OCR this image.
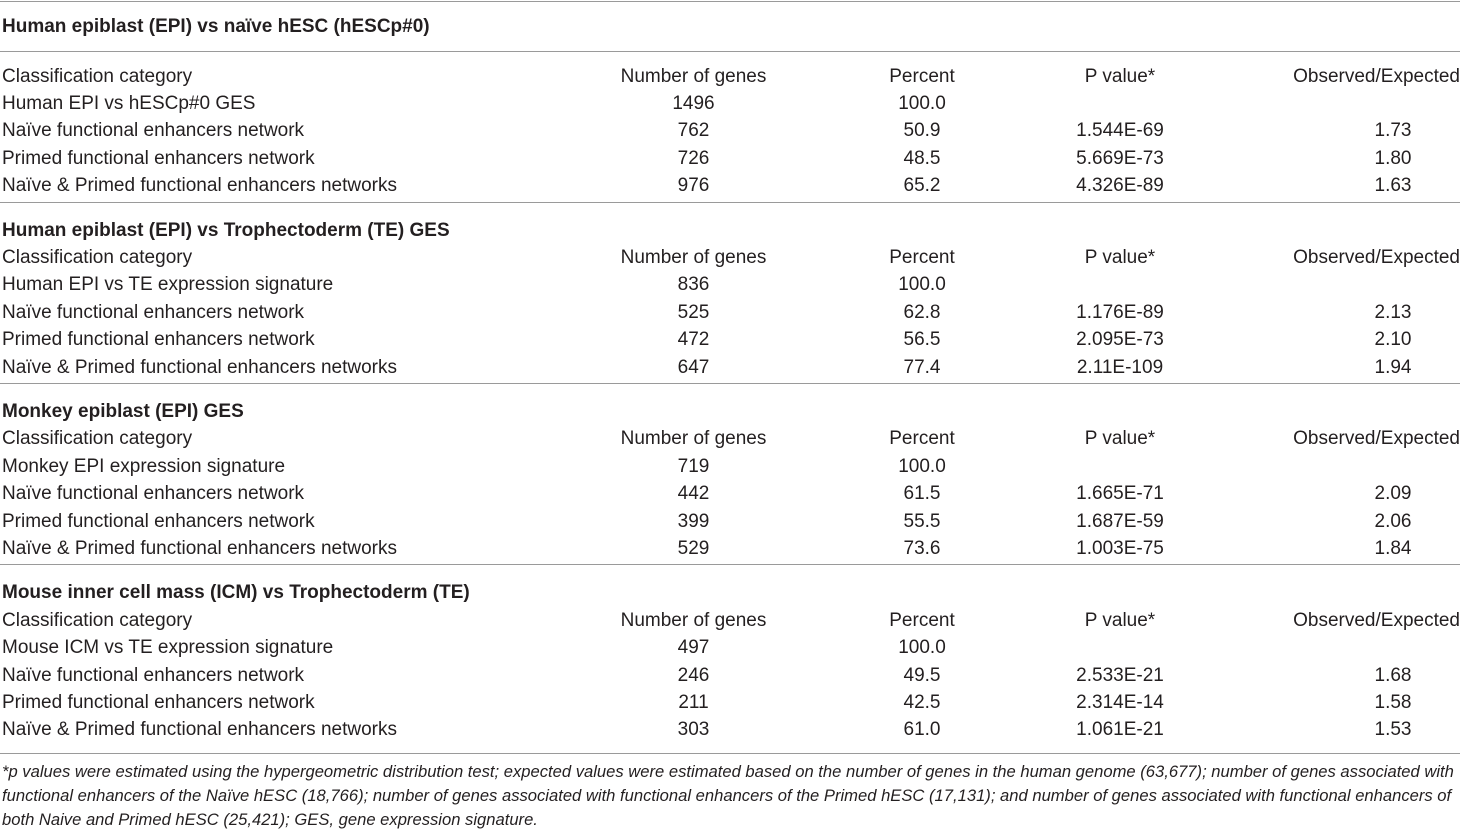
Human epiblast (EPI) vs naïve hESC (hESCp#0)
Classification category	Number of genes	Percent	P value*	Observed/Expected
Human EPI vs hESCp#0 GES	1496	100.0
Naïve functional enhancers network	762	50.9	1.544E-69	1.73
Primed functional enhancers network	726	48.5	5.669E-73	1.80
Naïve & Primed functional enhancers networks	976	65.2	4.326E-89	1.63
Human epiblast (EPI) vs Trophectoderm (TE) GES
Classification category	Number of genes	Percent	P value*	Observed/Expected
Human EPI vs TE expression signature	836	100.0
Naïve functional enhancers network	525	62.8	1.176E-89	2.13
Primed functional enhancers network	472	56.5	2.095E-73	2.10
Naïve & Primed functional enhancers networks	647	77.4	2.11E-109	1.94
Monkey epiblast (EPI) GES
Classification category	Number of genes	Percent	P value*	Observed/Expected
Monkey EPI expression signature	719	100.0
Naïve functional enhancers network	442	61.5	1.665E-71	2.09
Primed functional enhancers network	399	55.5	1.687E-59	2.06
Naïve & Primed functional enhancers networks	529	73.6	1.003E-75	1.84
Mouse inner cell mass (ICM) vs Trophectoderm (TE)
Classification category	Number of genes	Percent	P value*	Observed/Expected
Mouse ICM vs TE expression signature	497	100.0
Naïve functional enhancers network	246	49.5	2.533E-21	1.68
Primed functional enhancers network	211	42.5	2.314E-14	1.58
Naïve & Primed functional enhancers networks	303	61.0	1.061E-21	1.53
*p values were estimated using the hypergeometric distribution test; expected values were estimated based on the number of genes in the human genome (63,677); number of genes associated with functional enhancers of the Naïve hESC (18,766); number of genes associated with functional enhancers of the Primed hESC (17,131); and number of genes associated with functional enhancers of both Naive and Primed hESC (25,421); GES, gene expression signature.
